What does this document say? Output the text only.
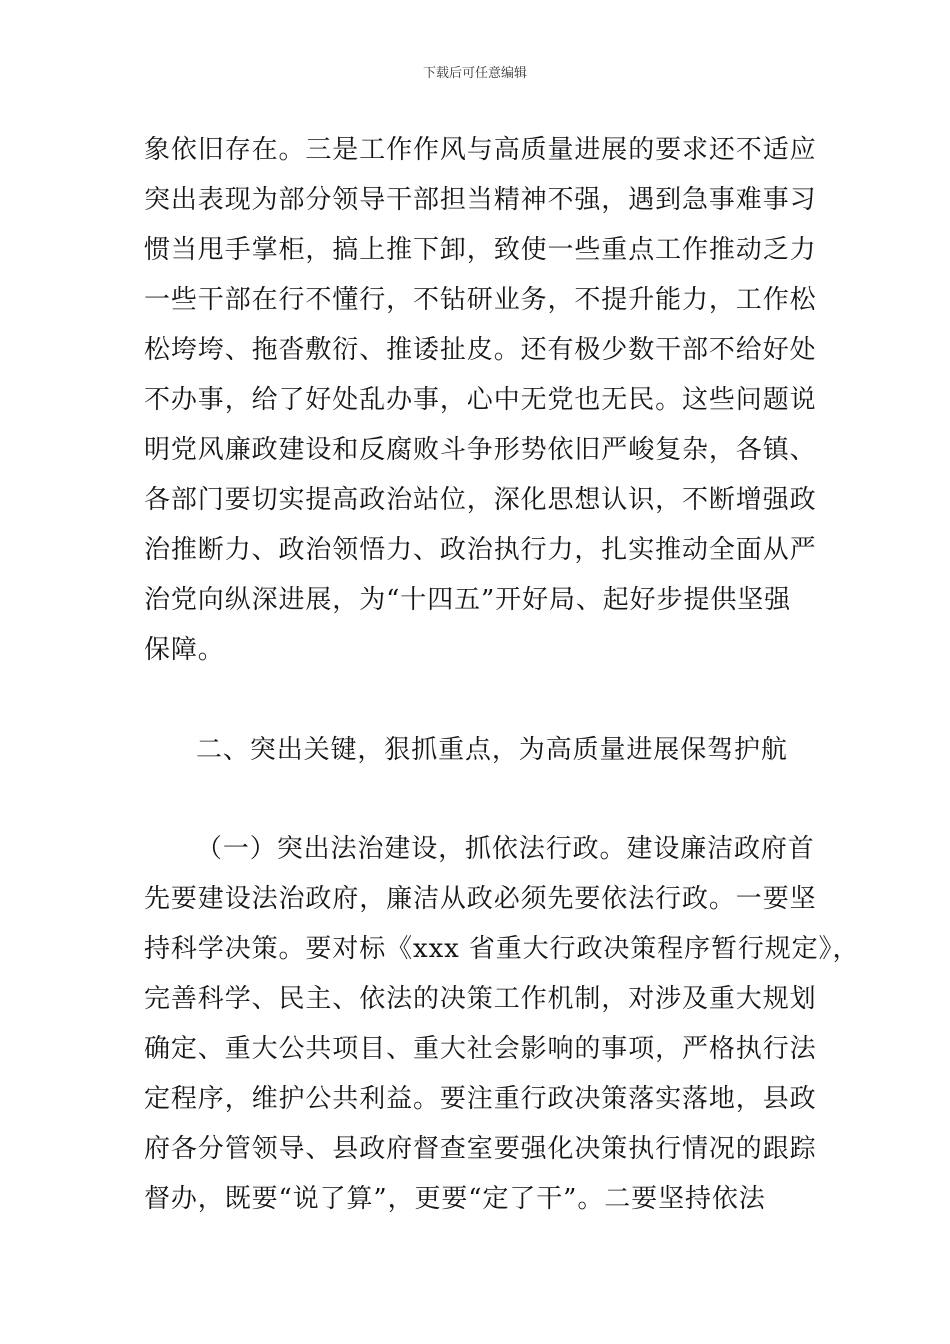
下载后可任意编辑
象依旧存在。三是工作作风与高质量进展的要求还不适应
突出表现为部分领导干部担当精神不强，遇到急事难事习
惯当甩手掌柜，搞上推下卸，致使一些重点工作推动乏力
一些干部在行不懂行，不钻研业务，不提升能力，工作松
松垮垮、拖沓敷衍、推诿扯皮。还有极少数干部不给好处
不办事，给了好处乱办事，心中无党也无民。这些问题说
明党风廉政建设和反腐败斗争形势依旧严峻复杂，各镇、
各部门要切实提高政治站位，深化思想认识，不断增强政
治推断力、政治领悟力、政治执行力，扎实推动全面从严
治党向纵深进展，为“十四五”开好局、起好步提供坚强
保障。
二、突出关键，狠抓重点，为高质量进展保驾护航
（一）突出法治建设，抓依法行政。建设廉洁政府首
先要建设法治政府，廉洁从政必须先要依法行政。一要坚
持科学决策。要对标《xxx 省重大行政决策程序暂行规定》，
完善科学、民主、依法的决策工作机制，对涉及重大规划
确定、重大公共项目、重大社会影响的事项，严格执行法
定程序，维护公共利益。要注重行政决策落实落地，县政
府各分管领导、县政府督查室要强化决策执行情况的跟踪
督办，既要“说了算”，更要“定了干”。二要坚持依法
